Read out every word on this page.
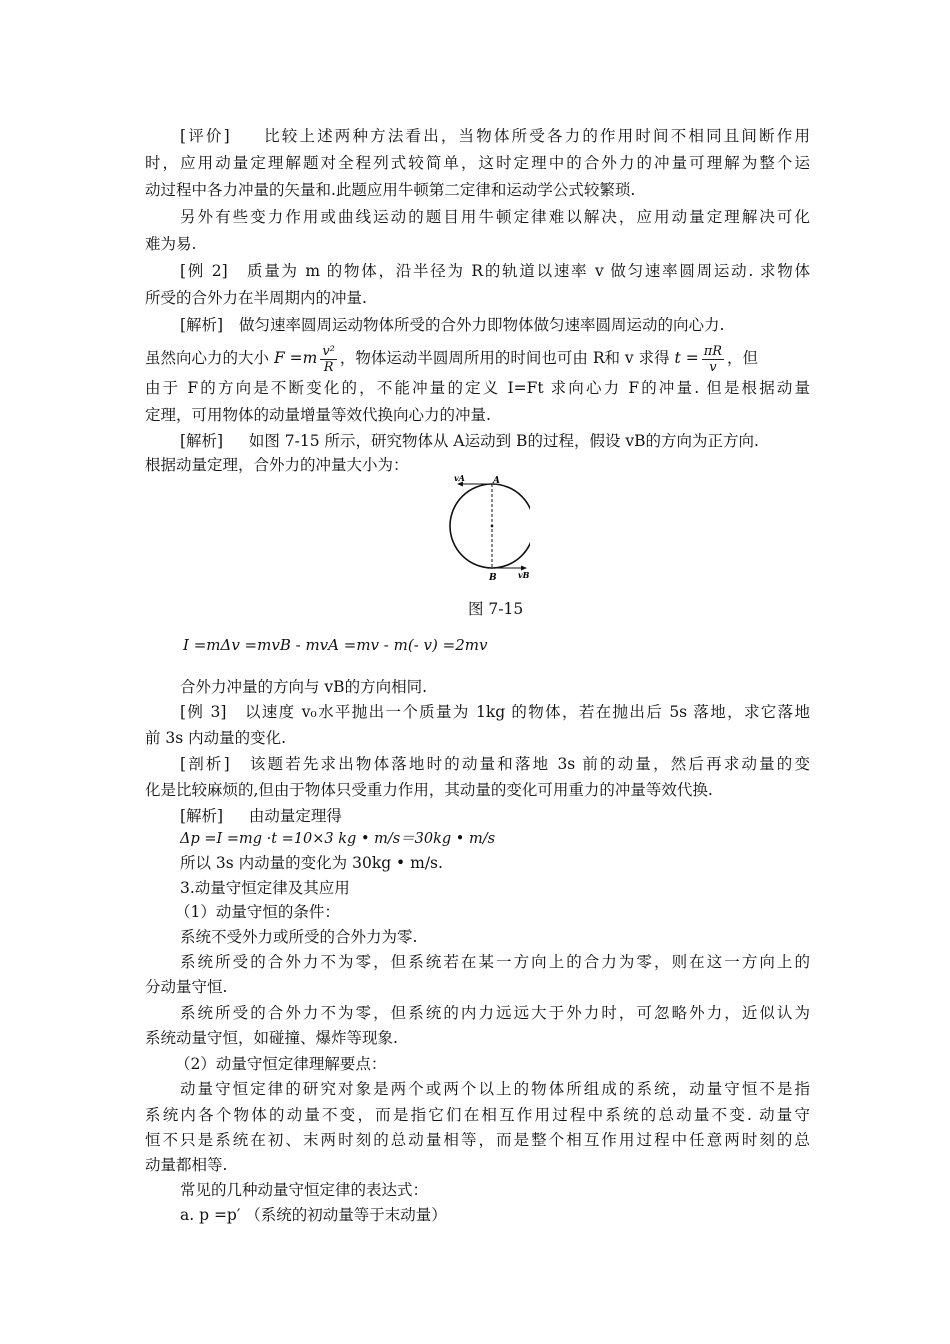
[评价] 比较上述两种方法看出，当物体所受各力的作用时间不相同且间断作用
时，应用动量定理解题对全程列式较简单，这时定理中的合外力的冲量可理解为整个运
动过程中各力冲量的矢量和.此题应用牛顿第二定律和运动学公式较繁琐.
另外有些变力作用或曲线运动的题目用牛顿定律难以解决，应用动量定理解决可化
难为易.
[例 2] 质量为 m 的物体，沿半径为 R的轨道以速率 v 做匀速率圆周运动. 求物体
所受的合外力在半周期内的冲量.
[解析] 做匀速率圆周运动物体所受的合外力即物体做匀速率圆周运动的向心力.
虽然向心力的大小 $F =m \frac{\text{v²}}{R}$ ，物体运动半圆周所用的时间也可由 R和 v 求得 $t = \frac{\pi R}{v}$ ，但
由于 F的方向是不断变化的，不能冲量的定义 I=Ft 求向心力 F的冲量. 但是根据动量
定理，可用物体的动量增量等效代换向心力的冲量.
[解析] 如图 7-15 所示，研究物体从 A运动到 B的过程，假设 vB的方向为正方向.
根据动量定理，合外力的冲量大小为：
vA	A
B	vB
图 7-15
I =mΔv =mvB - mvA =mv - m(- v) =2mv
合外力冲量的方向与 vB的方向相同.
[例 3] 以速度 v₀水平抛出一个质量为 1kg 的物体，若在抛出后 5s 落地，求它落地
前 3s 内动量的变化.
[剖析] 该题若先求出物体落地时的动量和落地 3s 前的动量，然后再求动量的变
化是比较麻烦的,但由于物体只受重力作用，其动量的变化可用重力的冲量等效代换.
[解析] 由动量定理得
Δp =I =mg ·t =10×3 kg • m/s＝30kg • m/s
所以 3s 内动量的变化为 30kg • m/s.
3.动量守恒定律及其应用
（1）动量守恒的条件：
系统不受外力或所受的合外力为零.
系统所受的合外力不为零，但系统若在某一方向上的合力为零，则在这一方向上的
分动量守恒.
系统所受的合外力不为零，但系统的内力远远大于外力时，可忽略外力，近似认为
系统动量守恒，如碰撞、爆炸等现象.
（2）动量守恒定律理解要点：
动量守恒定律的研究对象是两个或两个以上的物体所组成的系统，动量守恒不是指
系统内各个物体的动量不变，而是指它们在相互作用过程中系统的总动量不变. 动量守
恒不只是系统在初、末两时刻的总动量相等，而是整个相互作用过程中任意两时刻的总
动量都相等.
常见的几种动量守恒定律的表达式：
a. p =p′ （系统的初动量等于末动量）
